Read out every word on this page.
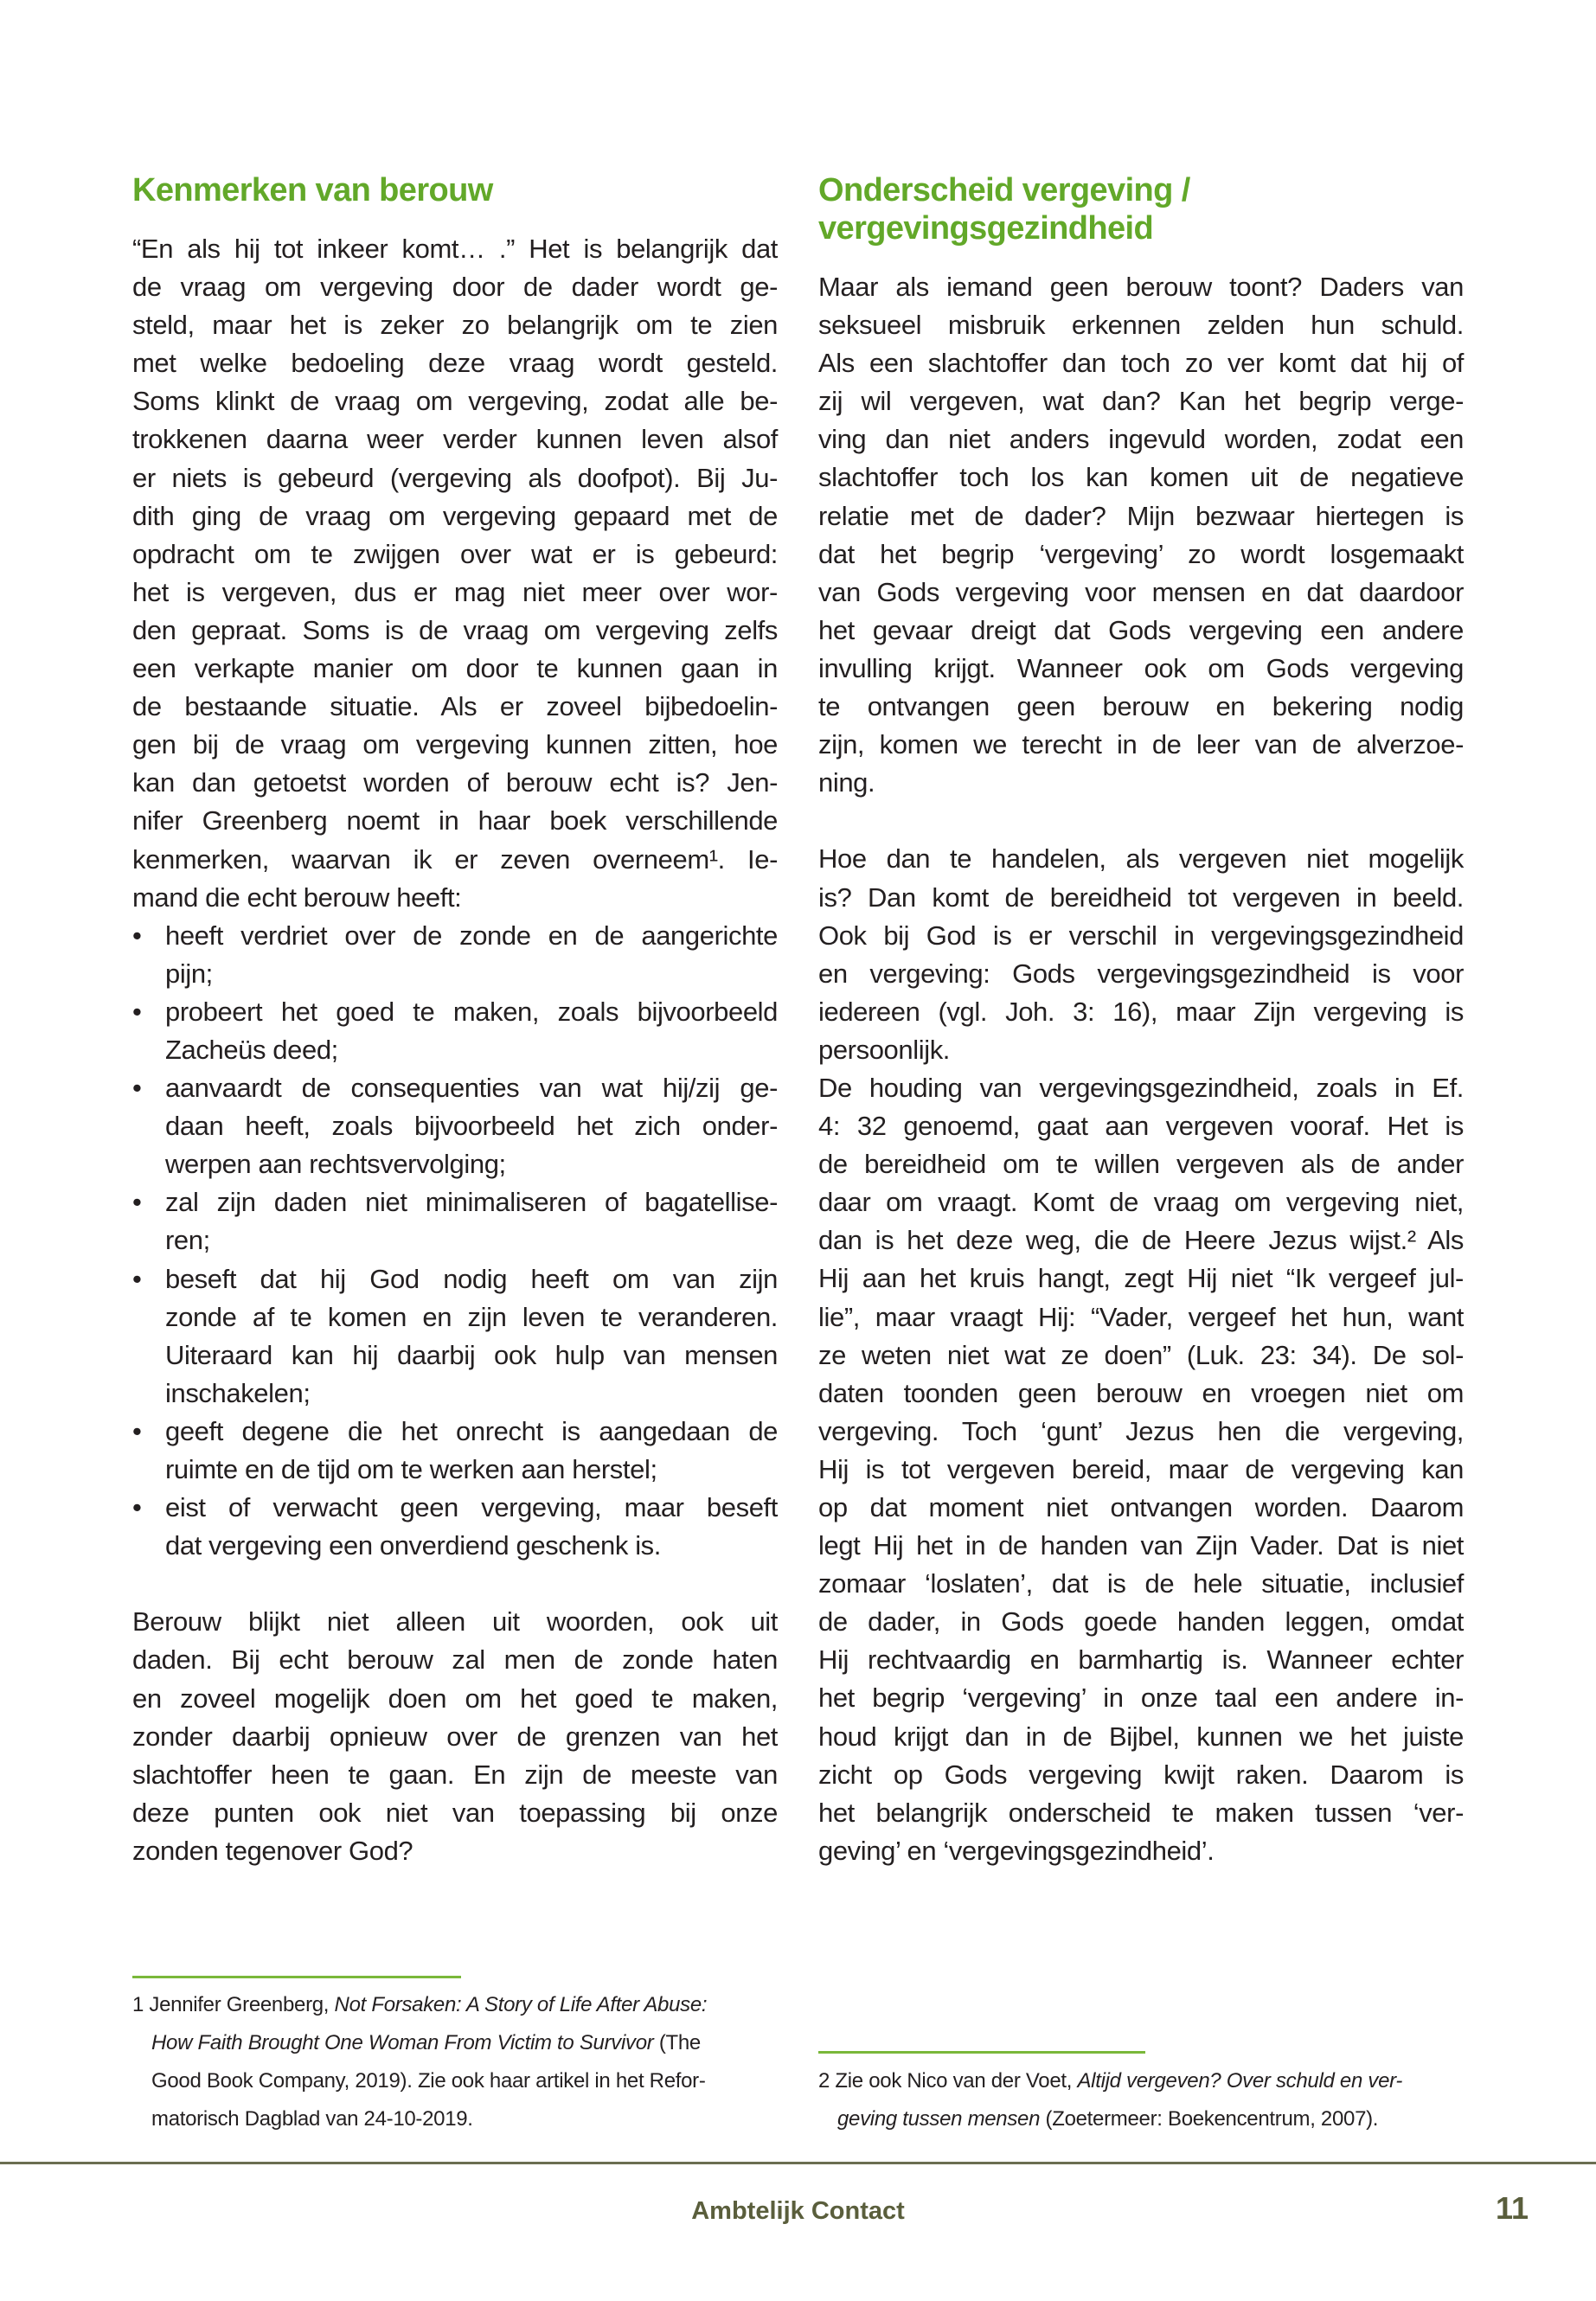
Kenmerken van berouw
“En als hij tot inkeer komt… .” Het is belangrijk dat
de vraag om vergeving door de dader wordt ge-
steld, maar het is zeker zo belangrijk om te zien
met welke bedoeling deze vraag wordt gesteld.
Soms klinkt de vraag om vergeving, zodat alle be-
trokkenen daarna weer verder kunnen leven alsof
er niets is gebeurd (vergeving als doofpot). Bij Ju-
dith ging de vraag om vergeving gepaard met de
opdracht om te zwijgen over wat er is gebeurd:
het is vergeven, dus er mag niet meer over wor-
den gepraat. Soms is de vraag om vergeving zelfs
een verkapte manier om door te kunnen gaan in
de bestaande situatie. Als er zoveel bijbedoelin-
gen bij de vraag om vergeving kunnen zitten, hoe
kan dan getoetst worden of berouw echt is? Jen-
nifer Greenberg noemt in haar boek verschillende
kenmerken, waarvan ik er zeven overneem¹. Ie-
mand die echt berouw heeft:
• heeft verdriet over de zonde en de aangerichte
pijn;
• probeert het goed te maken, zoals bijvoorbeeld
Zacheüs deed;
• aanvaardt de consequenties van wat hij/zij ge-
daan heeft, zoals bijvoorbeeld het zich onder-
werpen aan rechtsvervolging;
• zal zijn daden niet minimaliseren of bagatellise-
ren;
• beseft dat hij God nodig heeft om van zijn
zonde af te komen en zijn leven te veranderen.
Uiteraard kan hij daarbij ook hulp van mensen
inschakelen;
• geeft degene die het onrecht is aangedaan de
ruimte en de tijd om te werken aan herstel;
• eist of verwacht geen vergeving, maar beseft
dat vergeving een onverdiend geschenk is.
Berouw blijkt niet alleen uit woorden, ook uit
daden. Bij echt berouw zal men de zonde haten
en zoveel mogelijk doen om het goed te maken,
zonder daarbij opnieuw over de grenzen van het
slachtoffer heen te gaan. En zijn de meeste van
deze punten ook niet van toepassing bij onze
zonden tegenover God?
Onderscheid vergeving /
vergevingsgezindheid
Maar als iemand geen berouw toont? Daders van
seksueel misbruik erkennen zelden hun schuld.
Als een slachtoffer dan toch zo ver komt dat hij of
zij wil vergeven, wat dan? Kan het begrip verge-
ving dan niet anders ingevuld worden, zodat een
slachtoffer toch los kan komen uit de negatieve
relatie met de dader? Mijn bezwaar hiertegen is
dat het begrip ‘vergeving’ zo wordt losgemaakt
van Gods vergeving voor mensen en dat daardoor
het gevaar dreigt dat Gods vergeving een andere
invulling krijgt. Wanneer ook om Gods vergeving
te ontvangen geen berouw en bekering nodig
zijn, komen we terecht in de leer van de alverzoe-
ning.
Hoe dan te handelen, als vergeven niet mogelijk
is? Dan komt de bereidheid tot vergeven in beeld.
Ook bij God is er verschil in vergevingsgezindheid
en vergeving: Gods vergevingsgezindheid is voor
iedereen (vgl. Joh. 3: 16), maar Zijn vergeving is
persoonlijk.
De houding van vergevingsgezindheid, zoals in Ef.
4: 32 genoemd, gaat aan vergeven vooraf. Het is
de bereidheid om te willen vergeven als de ander
daar om vraagt. Komt de vraag om vergeving niet,
dan is het deze weg, die de Heere Jezus wijst.² Als
Hij aan het kruis hangt, zegt Hij niet “Ik vergeef jul-
lie”, maar vraagt Hij: “Vader, vergeef het hun, want
ze weten niet wat ze doen” (Luk. 23: 34). De sol-
daten toonden geen berouw en vroegen niet om
vergeving. Toch ‘gunt’ Jezus hen die vergeving,
Hij is tot vergeven bereid, maar de vergeving kan
op dat moment niet ontvangen worden. Daarom
legt Hij het in de handen van Zijn Vader. Dat is niet
zomaar ‘loslaten’, dat is de hele situatie, inclusief
de dader, in Gods goede handen leggen, omdat
Hij rechtvaardig en barmhartig is. Wanneer echter
het begrip ‘vergeving’ in onze taal een andere in-
houd krijgt dan in de Bijbel, kunnen we het juiste
zicht op Gods vergeving kwijt raken. Daarom is
het belangrijk onderscheid te maken tussen ‘ver-
geving’ en ‘vergevingsgezindheid’.
1 Jennifer Greenberg, Not Forsaken: A Story of Life After Abuse:
How Faith Brought One Woman From Victim to Survivor (The
Good Book Company, 2019). Zie ook haar artikel in het Refor-
matorisch Dagblad van 24-10-2019.
2 Zie ook Nico van der Voet, Altijd vergeven? Over schuld en ver-
geving tussen mensen (Zoetermeer: Boekencentrum, 2007).
Ambtelijk Contact	11
